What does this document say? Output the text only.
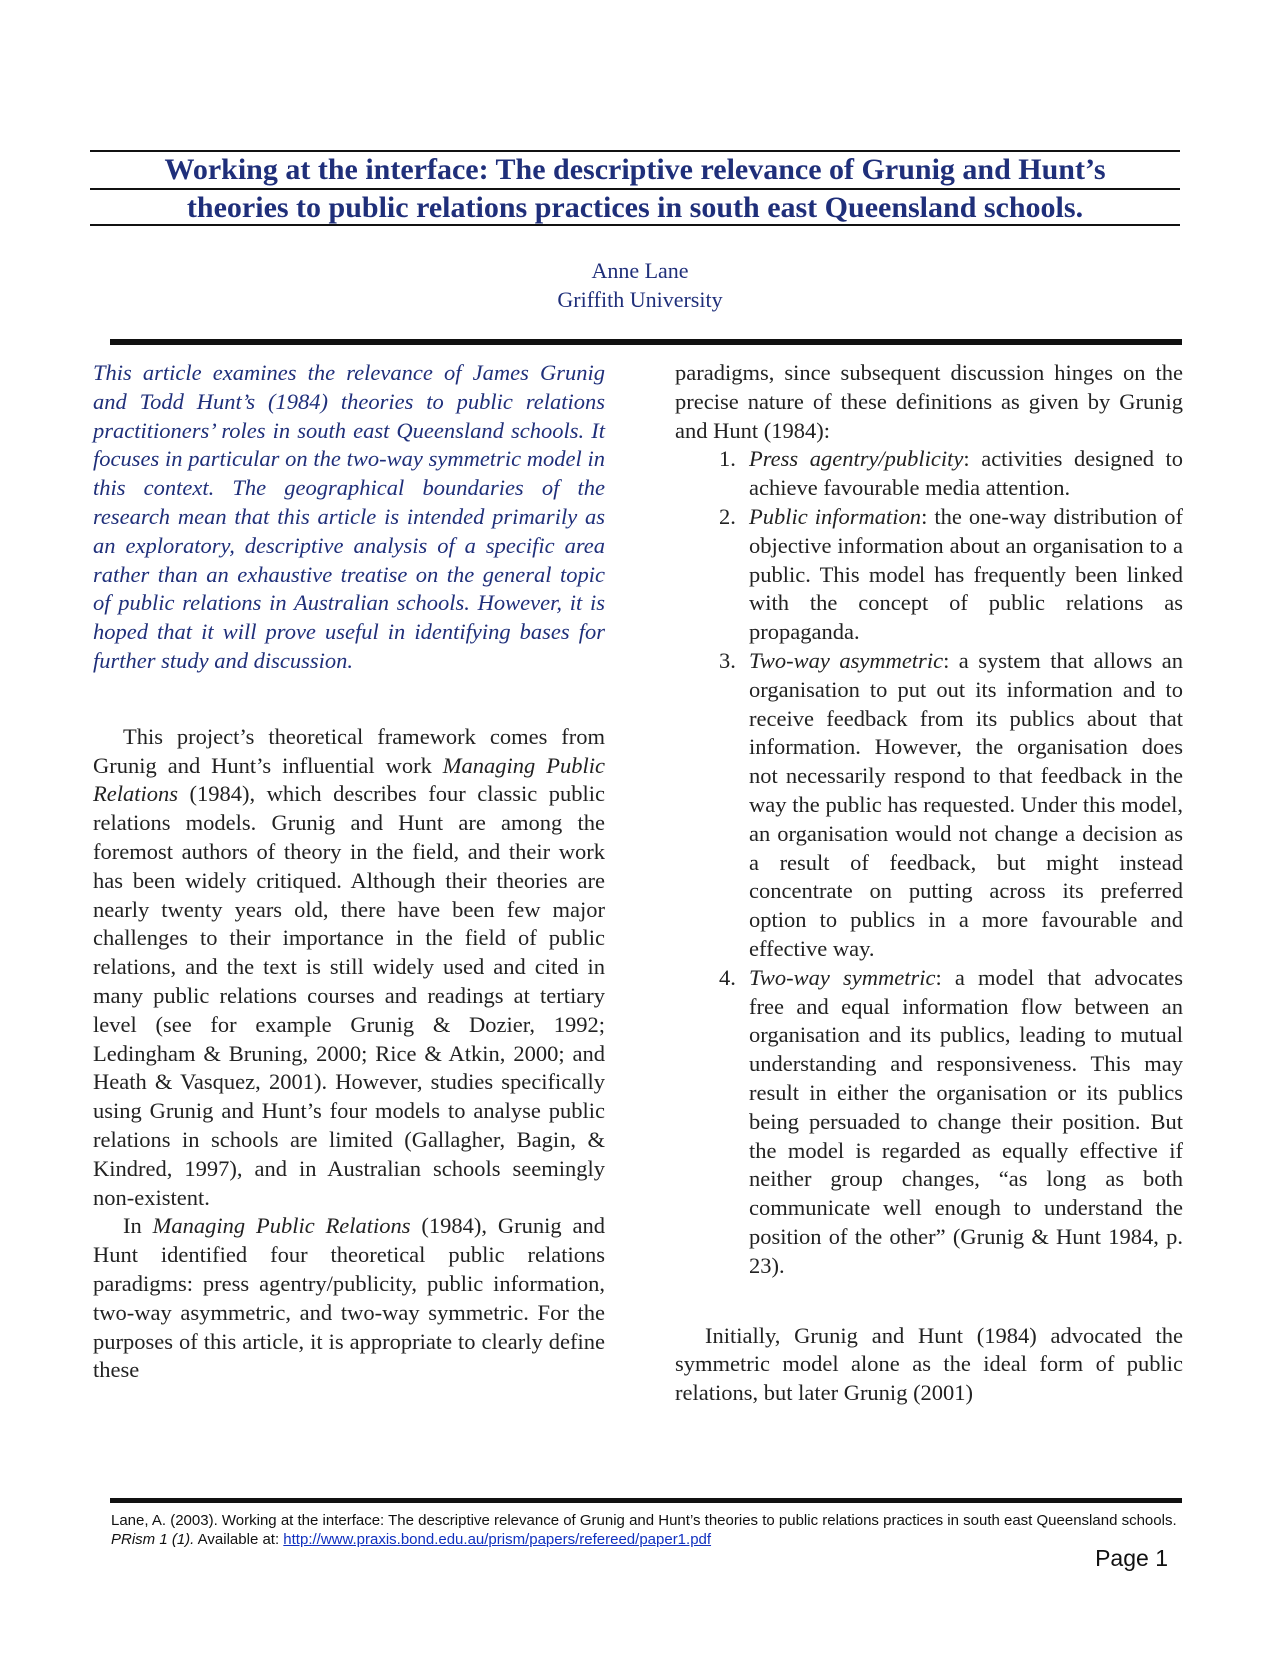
Working at the interface: The descriptive relevance of Grunig and Hunt’s
theories to public relations practices in south east Queensland schools.
Anne Lane
Griffith University

This article examines the relevance of James Grunig and Todd Hunt’s (1984) theories to public relations practitioners’ roles in south east Queensland schools. It focuses in particular on the two-way symmetric model in this context. The geographical boundaries of the research mean that this article is intended primarily as an exploratory, descriptive analysis of a specific area rather than an exhaustive treatise on the general topic of public relations in Australian schools. However, it is hoped that it will prove useful in identifying bases for further study and discussion.

This project’s theoretical framework comes from Grunig and Hunt’s influential work Managing Public Relations (1984), which describes four classic public relations models. Grunig and Hunt are among the foremost authors of theory in the field, and their work has been widely critiqued. Although their theories are nearly twenty years old, there have been few major challenges to their importance in the field of public relations, and the text is still widely used and cited in many public relations courses and readings at tertiary level (see for example Grunig & Dozier, 1992; Ledingham & Bruning, 2000; Rice & Atkin, 2000; and Heath & Vasquez, 2001). However, studies specifically using Grunig and Hunt’s four models to analyse public relations in schools are limited (Gallagher, Bagin, & Kindred, 1997), and in Australian schools seemingly non-existent.

In Managing Public Relations (1984), Grunig and Hunt identified four theoretical public relations paradigms: press agentry/publicity, public information, two-way asymmetric, and two-way symmetric. For the purposes of this article, it is appropriate to clearly define these

paradigms, since subsequent discussion hinges on the precise nature of these definitions as given by Grunig and Hunt (1984):

1. Press agentry/publicity: activities designed to achieve favourable media attention.
2. Public information: the one-way distribution of objective information about an organisation to a public. This model has frequently been linked with the concept of public relations as propaganda.
3. Two-way asymmetric: a system that allows an organisation to put out its information and to receive feedback from its publics about that information. However, the organisation does not necessarily respond to that feedback in the way the public has requested. Under this model, an organisation would not change a decision as a result of feedback, but might instead concentrate on putting across its preferred option to publics in a more favourable and effective way.
4. Two-way symmetric: a model that advocates free and equal information flow between an organisation and its publics, leading to mutual understanding and responsiveness. This may result in either the organisation or its publics being persuaded to change their position. But the model is regarded as equally effective if neither group changes, “as long as both communicate well enough to understand the position of the other” (Grunig & Hunt 1984, p. 23).

Initially, Grunig and Hunt (1984) advocated the symmetric model alone as the ideal form of public relations, but later Grunig (2001)

Lane, A. (2003). Working at the interface: The descriptive relevance of Grunig and Hunt’s theories to public relations practices in south east Queensland schools. PRism 1 (1). Available at: http://www.praxis.bond.edu.au/prism/papers/refereed/paper1.pdf
Page 1
